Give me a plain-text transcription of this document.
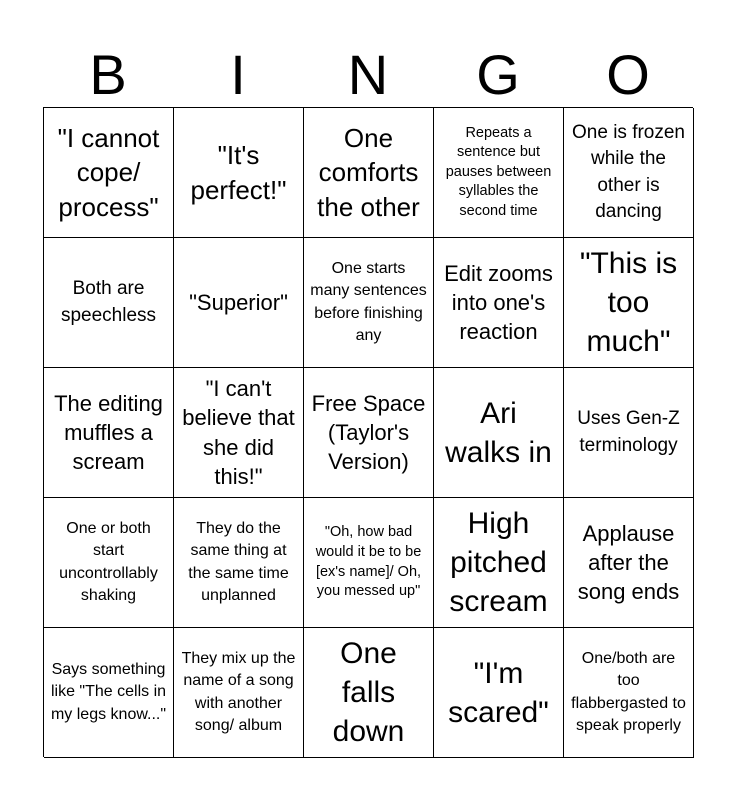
B	I	N	G	O
"I cannot cope/ process"
"It's perfect!"
One comforts the other
Repeats a sentence but pauses between syllables the second time
One is frozen while the other is dancing
Both are speechless
"Superior"
One starts many sentences before finishing any
Edit zooms into one's reaction
"This is too much"
The editing muffles a scream
"I can't believe that she did this!"
Free Space (Taylor's Version)
Ari walks in
Uses Gen-Z terminology
One or both start uncontrollably shaking
They do the same thing at the same time unplanned
"Oh, how bad would it be to be [ex's name]/ Oh, you messed up"
High pitched scream
Applause after the song ends
Says something like "The cells in my legs know..."
They mix up the name of a song with another song/ album
One falls down
"I'm scared"
One/both are too flabbergasted to speak properly
